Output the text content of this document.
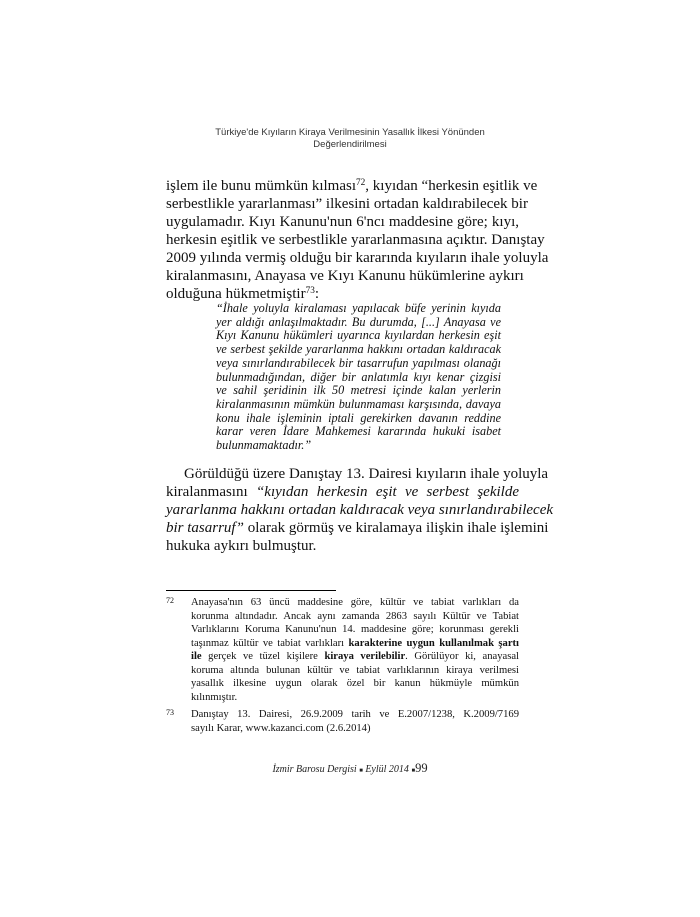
Türkiye'de Kıyıların Kiraya Verilmesinin Yasallık İlkesi Yönünden
Değerlendirilmesi
işlem ile bunu mümkün kılması$^{72}$, kıyıdan “herkesin eşitlik ve
serbestlikle yararlanması” ilkesini ortadan kaldırabilecek bir
uygulamadır. Kıyı Kanunu'nun 6'ncı maddesine göre; kıyı,
herkesin eşitlik ve serbestlikle yararlanmasına açıktır. Danıştay
2009 yılında vermiş olduğu bir kararında kıyıların ihale yoluyla
kiralanmasını, Anayasa ve Kıyı Kanunu hükümlerine aykırı
olduğuna hükmetmiştir$^{73}$:
“İhale yoluyla kiralaması yapılacak büfe yerinin kıyıda
yer aldığı anlaşılmaktadır. Bu durumda, [...] Anayasa ve
Kıyı Kanunu hükümleri uyarınca kıyılardan herkesin eşit
ve serbest şekilde yararlanma hakkını ortadan kaldıracak
veya sınırlandırabilecek bir tasarrufun yapılması olanağı
bulunmadığından, diğer bir anlatımla kıyı kenar çizgisi
ve sahil şeridinin ilk 50 metresi içinde kalan yerlerin
kiralanmasının mümkün bulunmaması karşısında, davaya
konu ihale işleminin iptali gerekirken davanın reddine
karar veren İdare Mahkemesi kararında hukuki isabet
bulunmamaktadır.”
Görüldüğü üzere Danıştay 13. Dairesi kıyıların ihale yoluyla
kiralanmasını “kıyıdan herkesin eşit ve serbest şekilde
yararlanma hakkını ortadan kaldıracak veya sınırlandırabilecek
bir tasarruf” olarak görmüş ve kiralamaya ilişkin ihale işlemini
hukuka aykırı bulmuştur.
72 Anayasa'nın 63 üncü maddesine göre, kültür ve tabiat varlıkları da
korunma altındadır. Ancak aynı zamanda 2863 sayılı Kültür ve Tabiat
Varlıklarını Koruma Kanunu'nun 14. maddesine göre; korunması gerekli
taşınmaz kültür ve tabiat varlıkları karakterine uygun kullanılmak şartı
ile gerçek ve tüzel kişilere kiraya verilebilir. Görülüyor ki, anayasal
koruma altında bulunan kültür ve tabiat varlıklarının kiraya verilmesi
yasallık ilkesine uygun olarak özel bir kanun hükmüyle mümkün
kılınmıştır.
73 Danıştay 13. Dairesi, 26.9.2009 tarih ve E.2007/1238, K.2009/7169
sayılı Karar, www.kazanci.com (2.6.2014)
İzmir Barosu Dergisi ■ Eylül 2014 ■99
